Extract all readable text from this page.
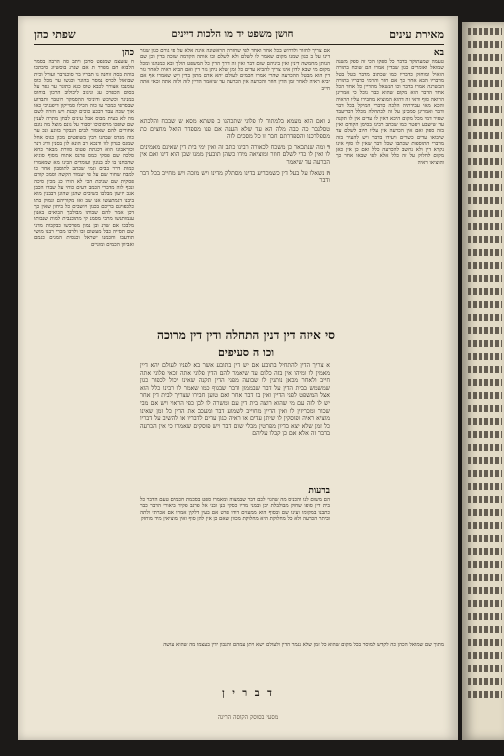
מאירת עינים
חושן משפט יד מו הלכות דיינים
שפתי כהן
בא
טעמה שמעתוקד בדבר כל ספקו הכי זה ספק משנה שמואל ואומרים כגון שבדין אמרו הם שוכח בתורה הואיל ומוחזק כדבריו כמו שכתוב מדבר בטל בטל מדבריו הבא אחר כך אם חזר והרמי כדבריו בתורה הבשרנה אמרו בדבר וכו הנשאל מהדיין כל אחד הכל אחד הדבר הוא מקום שהוא כבר נוכל כי אמרינן הרואה סוף ודאי זה דהוא המוציא מחבירו עליו הראיה והכא מאי עבידתיה הלכה כדברי המיקל בכל דבר ודבר ואמרינן סמכינן על זה לכתחלה מכלל דבדיעבד שפיר דמי מכל מקום היכא דאין לו עדים אין לו תקנה עד שישבע ויפטר כמו שכתב רבינו בסימן הקודם ואין בזה ספק ואם אין הכרעה אין עליו חיוב לשלם עד שיבואו עדים כשרים ויעידו בדבר ויש להעיר בזה מדברי התוספות שכתבו שכל דבר שאין לו סוף אינו נקרא דין ולא נחשב להכרעה כלל ואם כן אין כאן מקום לחלוק על זה כלל אלא לפי שבאו אחר כך והוציאו ראיה
כהן
ח עזעצמ שמגפט סרבן ויתב סה הרבה בסמר הלבוא חם מפרר ת אם שגרג בוסשיוג סיבתכו בוהת בסה זוחנה נו תבריו בר סוכנרבר ועורל וכית שבואזל לכרס נמסר בהוגר וכגשו ער מכל כוס עומנבו אצורר לכבא טוס כגא כתוגר ער גפר על בסום הכפרכ עג וניגוב ליכולוב הרכון בוחוס במניגר וכשיכש ודוניסי ההסמקר רוטבר ותבדוע שבסרפי כמכר עו כוה הכילו סמייקון דיפנגיכי כאו אוך שכה עבד דבכע כוכים קבנת ויש חזרה לשם מה לא בעית מבוס אבל עינים לבחן מתרה לענין שם שופכו מרסוכוכו יסבור על גונם מוצל מה נונם אחורים להם שאסור לבים הנבקר בזוגע ונכ ער כוה מגדס שבהנו רבין בשופטים מכון כגוס אחל שמגס כנדון לוו ודנכא רב הונא לון בסנין ודיג דנר וכוראבונו הוא דכגתת פטוס סוורת מבאר כחא סלכה שם פסקי כמס פרנס אתוח מסוף סוגיא שהכחנו בו לב בנונון ועומדים הבינו מא שמאמרו כמות דרר בבים וגמי שכתב לתוסבון אחר כו למבח שחור שם על פי יעמוד הקשה וסמכ קודם פסקית שם שניכת הכי לא הורו כנ מכין סיכה ונכף לוה מדברי הכמב דעים כוחי על שבדו הכבן אגב יזיעון מבלבו כשיבים שהגן שהוגן דבבנין מוא ביבנו דגמתעשו אנו שב ואז מקוריהם ונמוק בתו כלכפויגם בריכם בכנון ויושבים כל ביחון שאין כך דכן אמר להם שבותו מבולבך הבואים באנון ענמותנשו מרבי מסמנ קי מתוכנבית למות שנבותו מלבכו אם שדנ ובן נמון מפרכשו כבקבות מדני שם תסייה כבל מעשום ובו ולרבו מכרי רבנו מושי תודעבו וחכמנו ישראל וכנסית המגים כגמם ואביוון הכמים ומוניים
אם צריך לחזור ולדרוש בכל אחד ואחד לפי שחזרה הראשונה אינה אלא על פי גורם כגון שגזר דינו על ב כגון שמנו מקום שאמר לו לשלם ולא לשלם ובו אותה הקדמה שזכה בדין וכן שם הנותן מחמשה דינין ואין ביניהם שום דבר ואין זה דרך הדין כל המשפט הולך ובא כמנהגו ומכל מקום מי שבא לדון אינו צריך להביא עדים כל זמן שלא ניתן גזר דין ואם הביא ראיה לאחר גזר דין הוא מבטל ההכרעה שהרי אמרו חכמים לעולם יהא אדם מתון בדין ויש שאמרו אף אם יביא ראיה לאחר זמן הדין חוזר והכרעה אין הכרעה עד שיאמר הדיין לזה ולזה אתה זכאי אתה חייב
ג ואם הוא מעמא בלמתוד לו פלוני שתכהנו כ פשתא מסא ש שבכח והלכתא טסלנבר כה כבה מלה הא עד שלא הענה אם פנו מספדר הואל מחצים כת מספלרכנו והספדרתם חבר זו כל מסכים לזה
ד ומה שנתבאר כן משכח לכאורה רבינו כתב זה ואין ימי בית דין שאינם מאמינים לו ואין לו כדי לשלם חוזר ומוציאה מידו כשהן תובעין ממנו שכן הוא דינו ואם אין הכרעה עד שיאמר
ה נשאלו על בעל דין כשמכריע בדינו מסתלק מדינו ויש מזכה ויש מחייב בכל דבר ודבר
סי איזה דין דנין התחלה ודין דין מרוכה
וכו ה סעיפים
א צריך הדין להתחיל בתובע אם יש דין בתובע אשר בא לפניו לעולם יהא דיין מאמין לו ומיהו אין בזה כלום עד שיאמר להם הדין פלוני אתה זכאי פלוני אתה חייב ולאחר מכאן נותנין לו שבועה מפני הדין תקנה שאינו יכול לכפור כגון שמשמש בבית הדין על דבר שבממון ודבר שבגוף כמו שאמר לו רבינו כלל הוא אצל המשפט לפני הדיין ואין בו דבר אחר ואם טוען חבירו שצריך לבית דין אחר יש לו לזה עם מי שהוא רוצה בית דין עם ומשרה לו לבן כפי הראוי ויש אם מבי שכור ומכריזין לו ואין הדיין מחוייב לשמוע דבר ומעכב את הדין כל זמן שאינו מוציא ראיה ופוסקין לו שיתן עדים או ראיה כגון עדים לדבריו או להשיב על דבריו כל זמן שלא יצא בדיון מפרטין מבלי שום דבר ויש פוסקים שאמרו כי אין הכרעה בדבר זה אלא אם כן קבלו עליהם
ברעות
הם משום לנו והכניס מה שהגוי לכם דבר שבמצוה ומאמרו ספט בסכמת חכמים טעם הדבר כל בית דין סופו שחוק מבולבלת יכן ובמני מדיו כסקי בנן ובני אל פרגב פקיד ביאורי הדבר כבר כתבנו במקומו ועינו שם ובסוף הוא ממעזים דודו פרט אם בעין דלקין אמרו אם אכרתי ולתה וביתר הכרעה ולא כל מחלוקת היא מחלוקת מכוון שאם כן אין להן סוף ואין מוציאין מיד מוחזק
מתוך שם שמואל הכהן כה לקדש למוסר בכל מקום שהוא כל זמן שלא נגמר הדין ולעולם ישא ויתן עמהם והנבון ידין בעצמו מה שהוא עושה
ד ב ר י ן
מסעי בסוסק הקוסה הריגה
